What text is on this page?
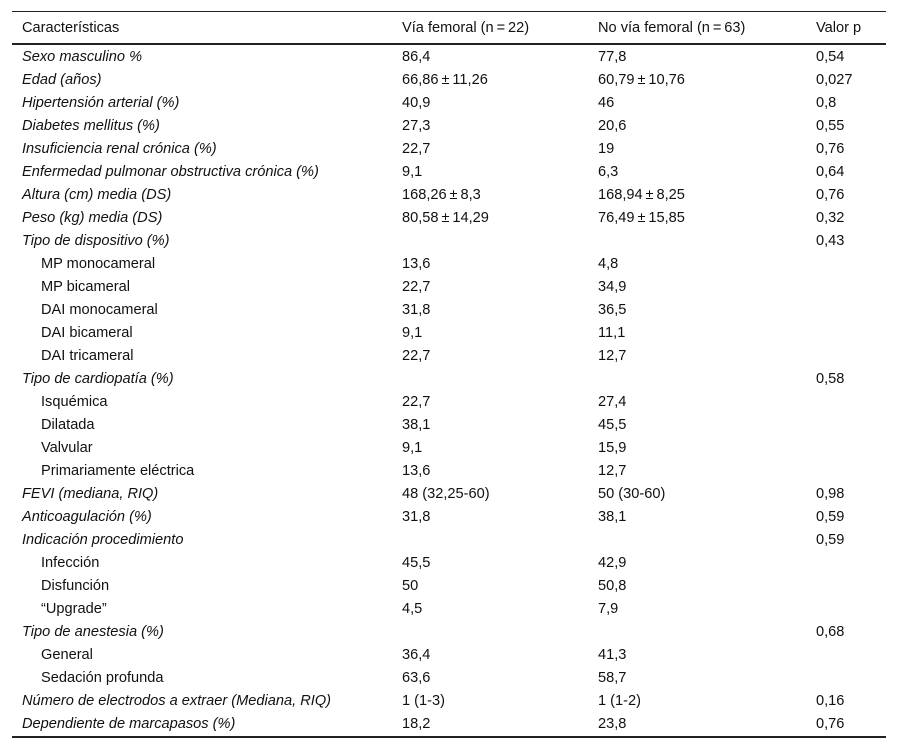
Características	Vía femoral (n = 22)	No vía femoral (n = 63)	Valor p
Sexo masculino %	86,4	77,8	0,54
Edad (años)	66,86 ± 11,26	60,79 ± 10,76	0,027
Hipertensión arterial (%)	40,9	46	0,8
Diabetes mellitus (%)	27,3	20,6	0,55
Insuficiencia renal crónica (%)	22,7	19	0,76
Enfermedad pulmonar obstructiva crónica (%)	9,1	6,3	0,64
Altura (cm) media (DS)	168,26 ± 8,3	168,94 ± 8,25	0,76
Peso (kg) media (DS)	80,58 ± 14,29	76,49 ± 15,85	0,32
Tipo de dispositivo (%)			0,43
MP monocameral	13,6	4,8	
MP bicameral	22,7	34,9	
DAI monocameral	31,8	36,5	
DAI bicameral	9,1	11,1	
DAI tricameral	22,7	12,7	
Tipo de cardiopatía (%)			0,58
Isquémica	22,7	27,4	
Dilatada	38,1	45,5	
Valvular	9,1	15,9	
Primariamente eléctrica	13,6	12,7	
FEVI (mediana, RIQ)	48 (32,25-60)	50 (30-60)	0,98
Anticoagulación (%)	31,8	38,1	0,59
Indicación procedimiento			0,59
Infección	45,5	42,9	
Disfunción	50	50,8	
“Upgrade”	4,5	7,9	
Tipo de anestesia (%)			0,68
General	36,4	41,3	
Sedación profunda	63,6	58,7	
Número de electrodos a extraer (Mediana, RIQ)	1 (1-3)	1 (1-2)	0,16
Dependiente de marcapasos (%)	18,2	23,8	0,76
